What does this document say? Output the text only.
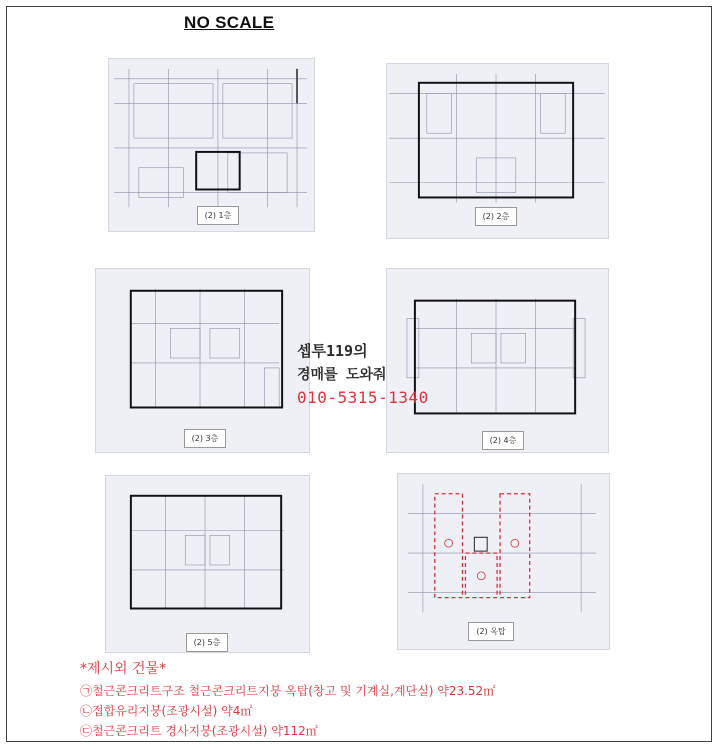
NO SCALE
(2) 1층	(2) 2층
(2) 3층	(2) 4층
(2) 5층
(2) 옥탑
셉투119의
경매를 도와줘
010-5315-1340
*제시외 건물*
㉠철근콘크리트구조 철근콘크리트지붕 옥탑(창고 및 기계실,계단실) 약23.52㎡
㉡접합유리지붕(조광시설) 약4㎡
㉢철근콘크리트 경사지붕(조광시설) 약112㎡
